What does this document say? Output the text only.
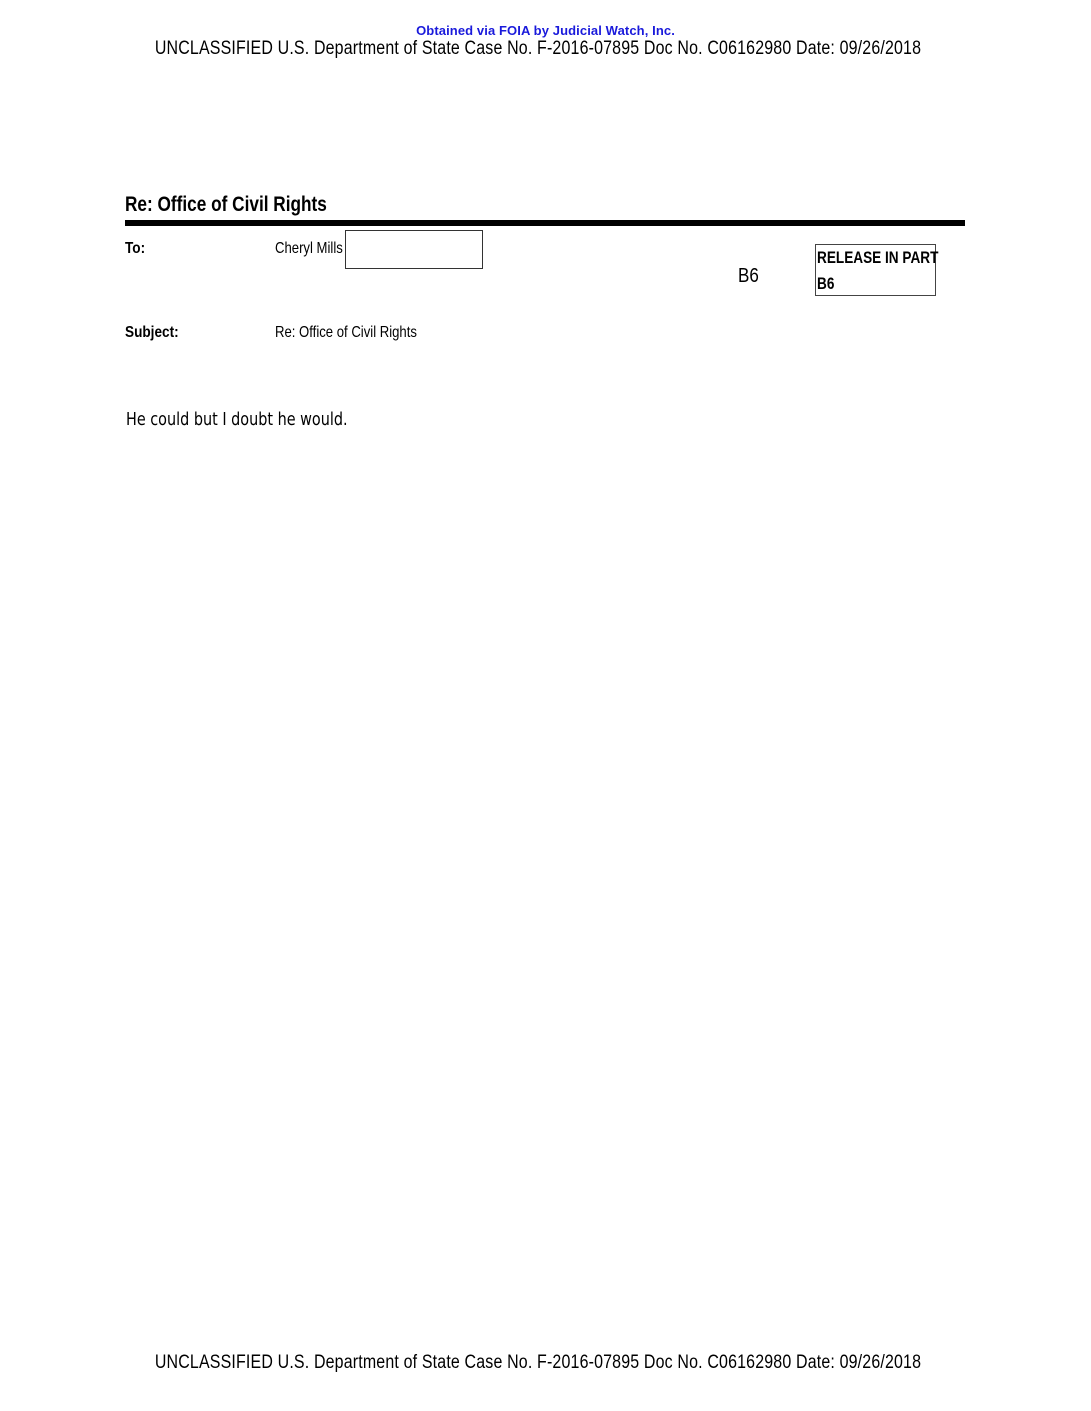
Obtained via FOIA by Judicial Watch, Inc.
UNCLASSIFIED U.S. Department of State Case No. F-2016-07895 Doc No. C06162980 Date: 09/26/2018
Re: Office of Civil Rights
To:	Cheryl Mills
B6
RELEASE IN PART
B6
Subject:	Re: Office of Civil Rights
He could but I doubt he would.
UNCLASSIFIED U.S. Department of State Case No. F-2016-07895 Doc No. C06162980 Date: 09/26/2018
